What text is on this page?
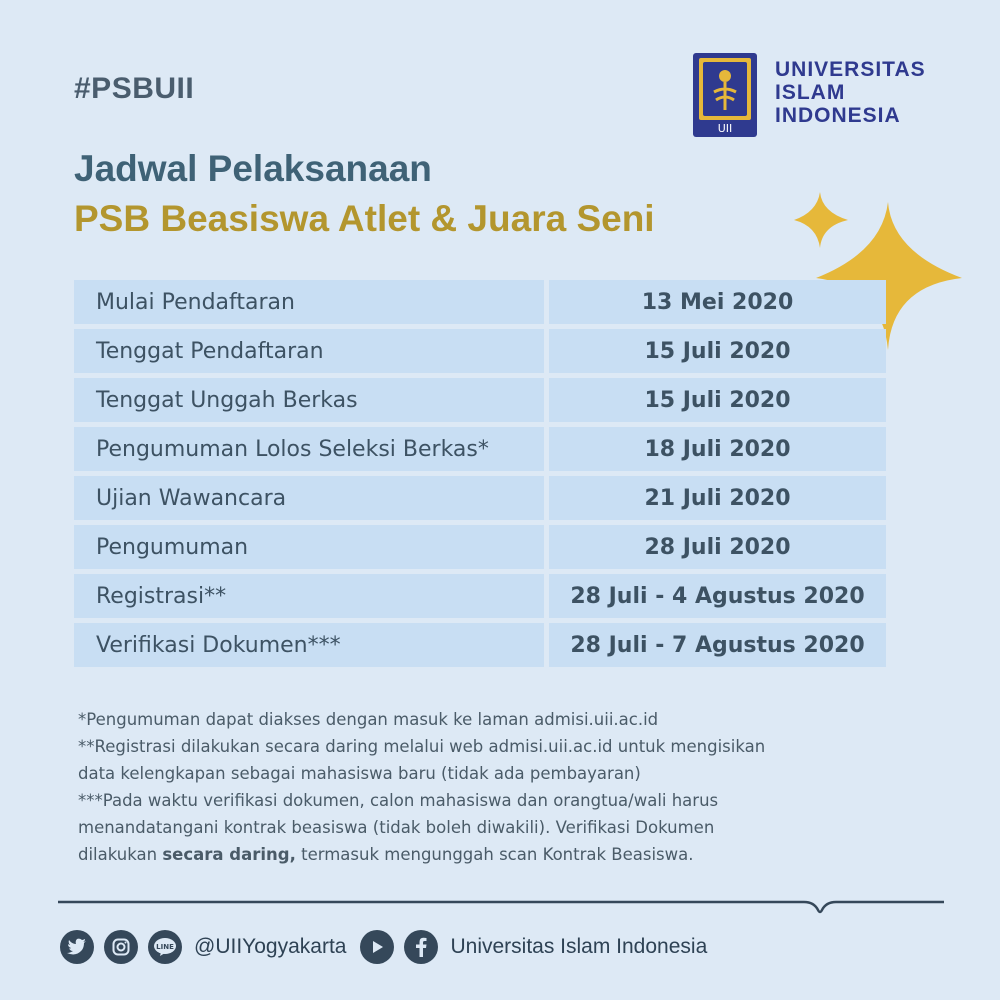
#PSBUII
UII
UNIVERSITAS
ISLAM
INDONESIA
Jadwal Pelaksanaan
PSB Beasiswa Atlet & Juara Seni
Mulai Pendaftaran	13 Mei 2020
Tenggat Pendaftaran	15 Juli 2020
Tenggat Unggah Berkas	15 Juli 2020
Pengumuman Lolos Seleksi Berkas*	18 Juli 2020
Ujian Wawancara	21 Juli 2020
Pengumuman	28 Juli 2020
Registrasi**	28 Juli - 4 Agustus 2020
Verifikasi Dokumen***	28 Juli - 7 Agustus 2020

*Pengumuman dapat diakses dengan masuk ke laman admisi.uii.ac.id

**Registrasi dilakukan secara daring melalui web admisi.uii.ac.id untuk mengisikan

data kelengkapan sebagai mahasiswa baru (tidak ada pembayaran)

***Pada waktu verifikasi dokumen, calon mahasiswa dan orangtua/wali harus

menandatangani kontrak beasiswa (tidak boleh diwakili). Verifikasi Dokumen

dilakukan secara daring, termasuk mengunggah scan Kontrak Beasiswa.

LINE @UIIYogyakarta	Universitas Islam Indonesia
